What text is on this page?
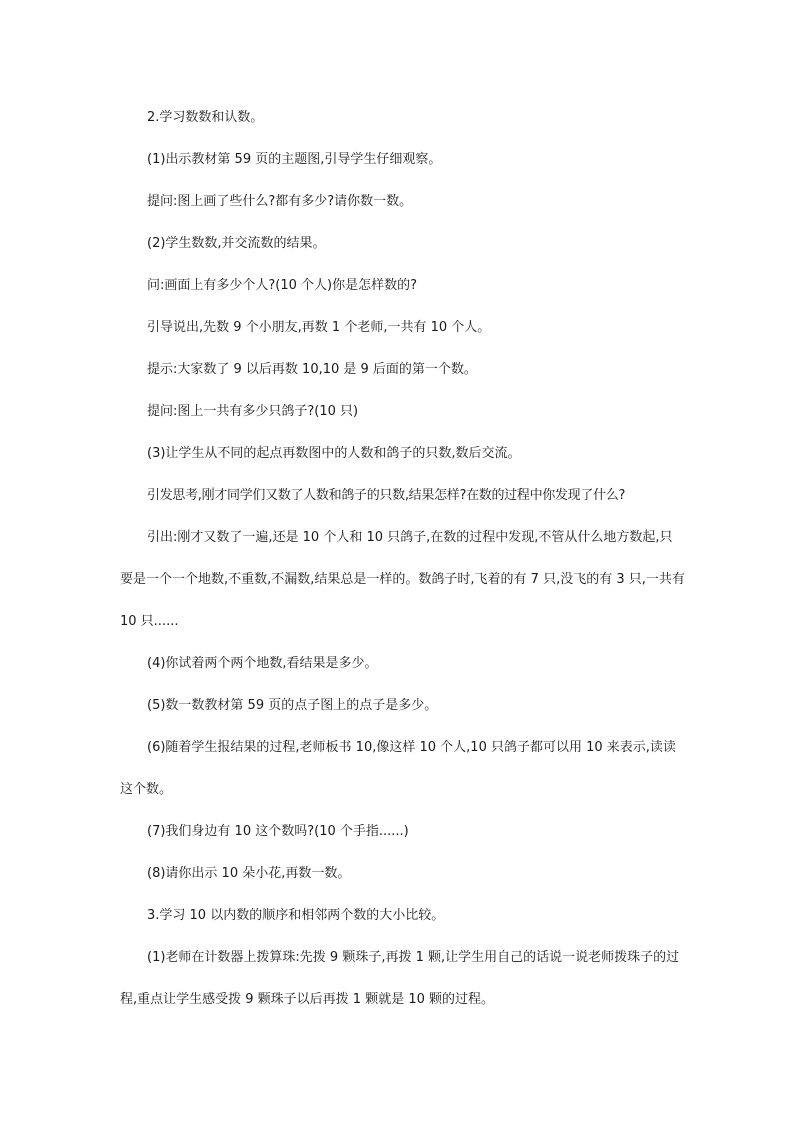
2.学习数数和认数。
(1)出示教材第 59 页的主题图,引导学生仔细观察。
提问:图上画了些什么?都有多少?请你数一数。
(2)学生数数,并交流数的结果。
问:画面上有多少个人?(10 个人)你是怎样数的?
引导说出,先数 9 个小朋友,再数 1 个老师,一共有 10 个人。
提示:大家数了 9 以后再数 10,10 是 9 后面的第一个数。
提问:图上一共有多少只鸽子?(10 只)
(3)让学生从不同的起点再数图中的人数和鸽子的只数,数后交流。
引发思考,刚才同学们又数了人数和鸽子的只数,结果怎样?在数的过程中你发现了什么?
引出:刚才又数了一遍,还是 10 个人和 10 只鸽子,在数的过程中发现,不管从什么地方数起,只要是一个一个地数,不重数,不漏数,结果总是一样的。数鸽子时,飞着的有 7 只,没飞的有 3 只,一共有 10 只......
(4)你试着两个两个地数,看结果是多少。
(5)数一数教材第 59 页的点子图上的点子是多少。
(6)随着学生报结果的过程,老师板书 10,像这样 10 个人,10 只鸽子都可以用 10 来表示,读读这个数。
(7)我们身边有 10 这个数吗?(10 个手指......)
(8)请你出示 10 朵小花,再数一数。
3.学习 10 以内数的顺序和相邻两个数的大小比较。
(1)老师在计数器上拨算珠:先拨 9 颗珠子,再拨 1 颗,让学生用自己的话说一说老师拨珠子的过程,重点让学生感受拨 9 颗珠子以后再拨 1 颗就是 10 颗的过程。
